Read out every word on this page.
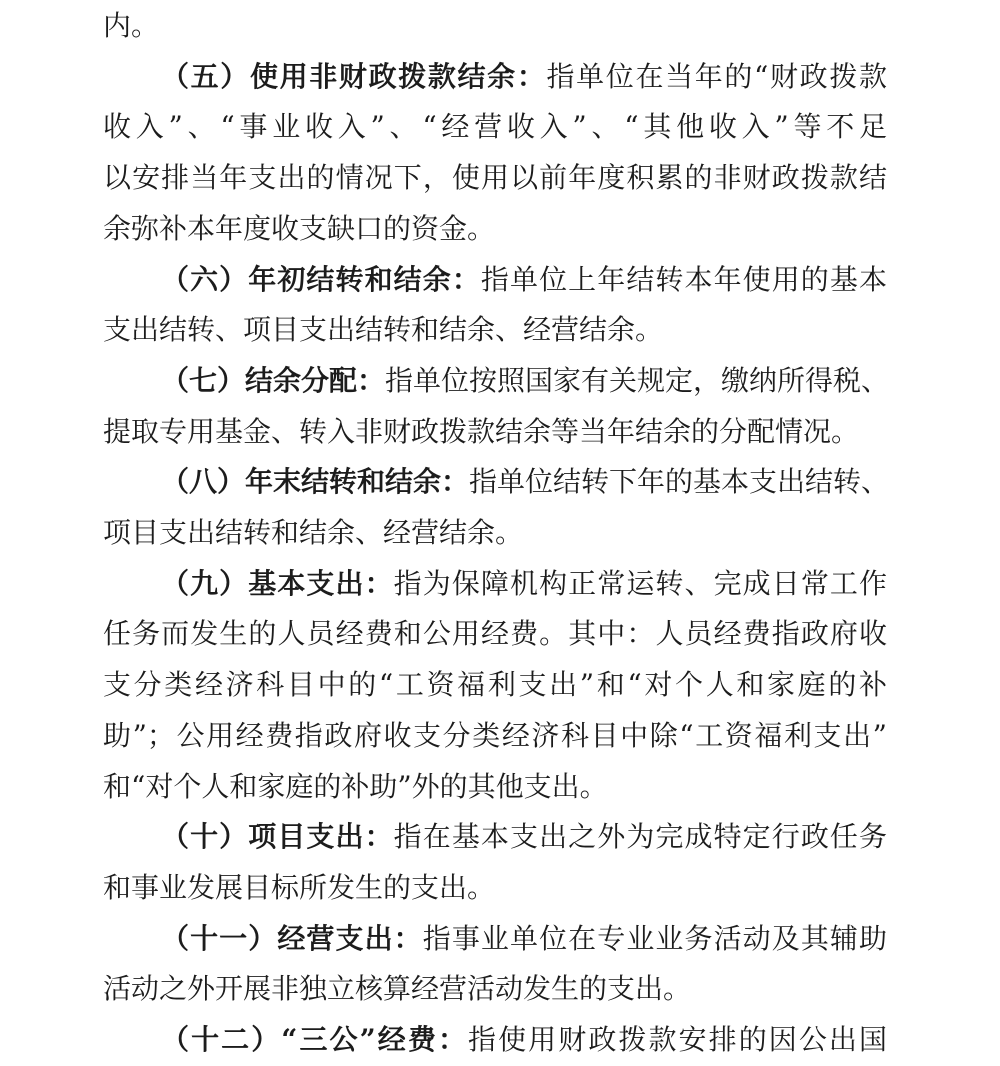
内。
（五）使用非财政拨款结余：指单位在当年的“财政拨款
收入”、“事业收入”、“经营收入”、“其他收入”等不足
以安排当年支出的情况下，使用以前年度积累的非财政拨款结
余弥补本年度收支缺口的资金。
（六）年初结转和结余：指单位上年结转本年使用的基本
支出结转、项目支出结转和结余、经营结余。
（七）结余分配：指单位按照国家有关规定，缴纳所得税、
提取专用基金、转入非财政拨款结余等当年结余的分配情况。
（八）年末结转和结余：指单位结转下年的基本支出结转、
项目支出结转和结余、经营结余。
（九）基本支出：指为保障机构正常运转、完成日常工作
任务而发生的人员经费和公用经费。其中：人员经费指政府收
支分类经济科目中的“工资福利支出”和“对个人和家庭的补
助”；公用经费指政府收支分类经济科目中除“工资福利支出”
和“对个人和家庭的补助”外的其他支出。
（十）项目支出：指在基本支出之外为完成特定行政任务
和事业发展目标所发生的支出。
（十一）经营支出：指事业单位在专业业务活动及其辅助
活动之外开展非独立核算经营活动发生的支出。
（十二）“三公”经费：指使用财政拨款安排的因公出国
